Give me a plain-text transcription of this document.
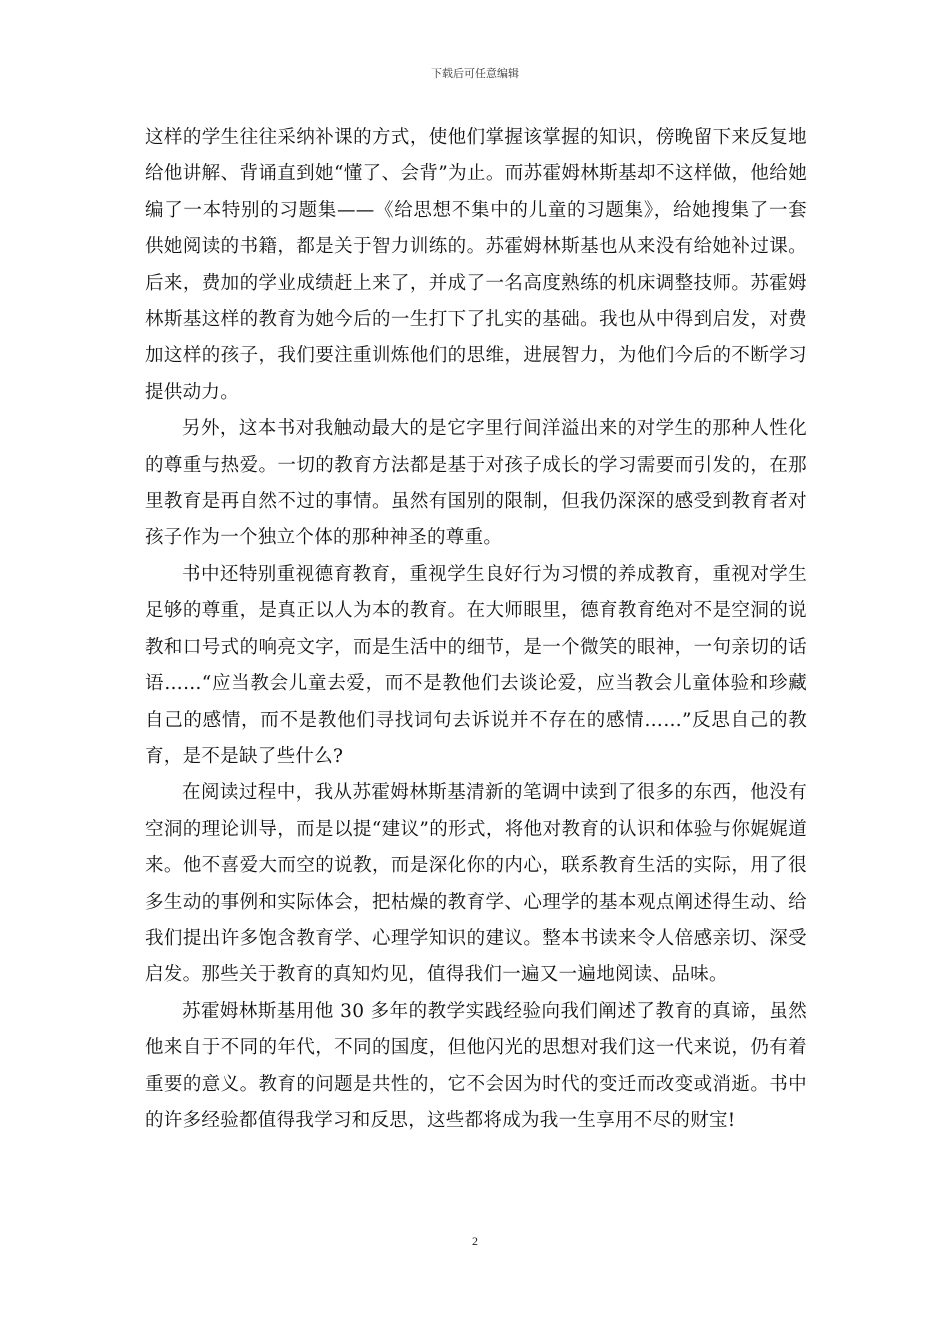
下载后可任意编辑

这样的学生往往采纳补课的方式，使他们掌握该掌握的知识，傍晚留下来反复地给他讲解、背诵直到她“懂了、会背”为止。而苏霍姆林斯基却不这样做，他给她编了一本特别的习题集——《给思想不集中的儿童的习题集》，给她搜集了一套供她阅读的书籍，都是关于智力训练的。苏霍姆林斯基也从来没有给她补过课。后来，费加的学业成绩赶上来了，并成了一名高度熟练的机床调整技师。苏霍姆林斯基这样的教育为她今后的一生打下了扎实的基础。我也从中得到启发，对费加这样的孩子，我们要注重训炼他们的思维，进展智力，为他们今后的不断学习提供动力。

另外，这本书对我触动最大的是它字里行间洋溢出来的对学生的那种人性化的尊重与热爱。一切的教育方法都是基于对孩子成长的学习需要而引发的，在那里教育是再自然不过的事情。虽然有国别的限制，但我仍深深的感受到教育者对孩子作为一个独立个体的那种神圣的尊重。

书中还特别重视德育教育，重视学生良好行为习惯的养成教育，重视对学生足够的尊重，是真正以人为本的教育。在大师眼里，德育教育绝对不是空洞的说教和口号式的响亮文字，而是生活中的细节，是一个微笑的眼神，一句亲切的话语……“应当教会儿童去爱，而不是教他们去谈论爱，应当教会儿童体验和珍藏自己的感情，而不是教他们寻找词句去诉说并不存在的感情……”反思自己的教育，是不是缺了些什么?

在阅读过程中，我从苏霍姆林斯基清新的笔调中读到了很多的东西，他没有空洞的理论训导，而是以提“建议”的形式，将他对教育的认识和体验与你娓娓道来。他不喜爱大而空的说教，而是深化你的内心，联系教育生活的实际，用了很多生动的事例和实际体会，把枯燥的教育学、心理学的基本观点阐述得生动、给我们提出许多饱含教育学、心理学知识的建议。整本书读来令人倍感亲切、深受启发。那些关于教育的真知灼见，值得我们一遍又一遍地阅读、品味。

苏霍姆林斯基用他 30 多年的教学实践经验向我们阐述了教育的真谛，虽然他来自于不同的年代，不同的国度，但他闪光的思想对我们这一代来说，仍有着重要的意义。教育的问题是共性的，它不会因为时代的变迁而改变或消逝。书中的许多经验都值得我学习和反思，这些都将成为我一生享用不尽的财宝!

2
